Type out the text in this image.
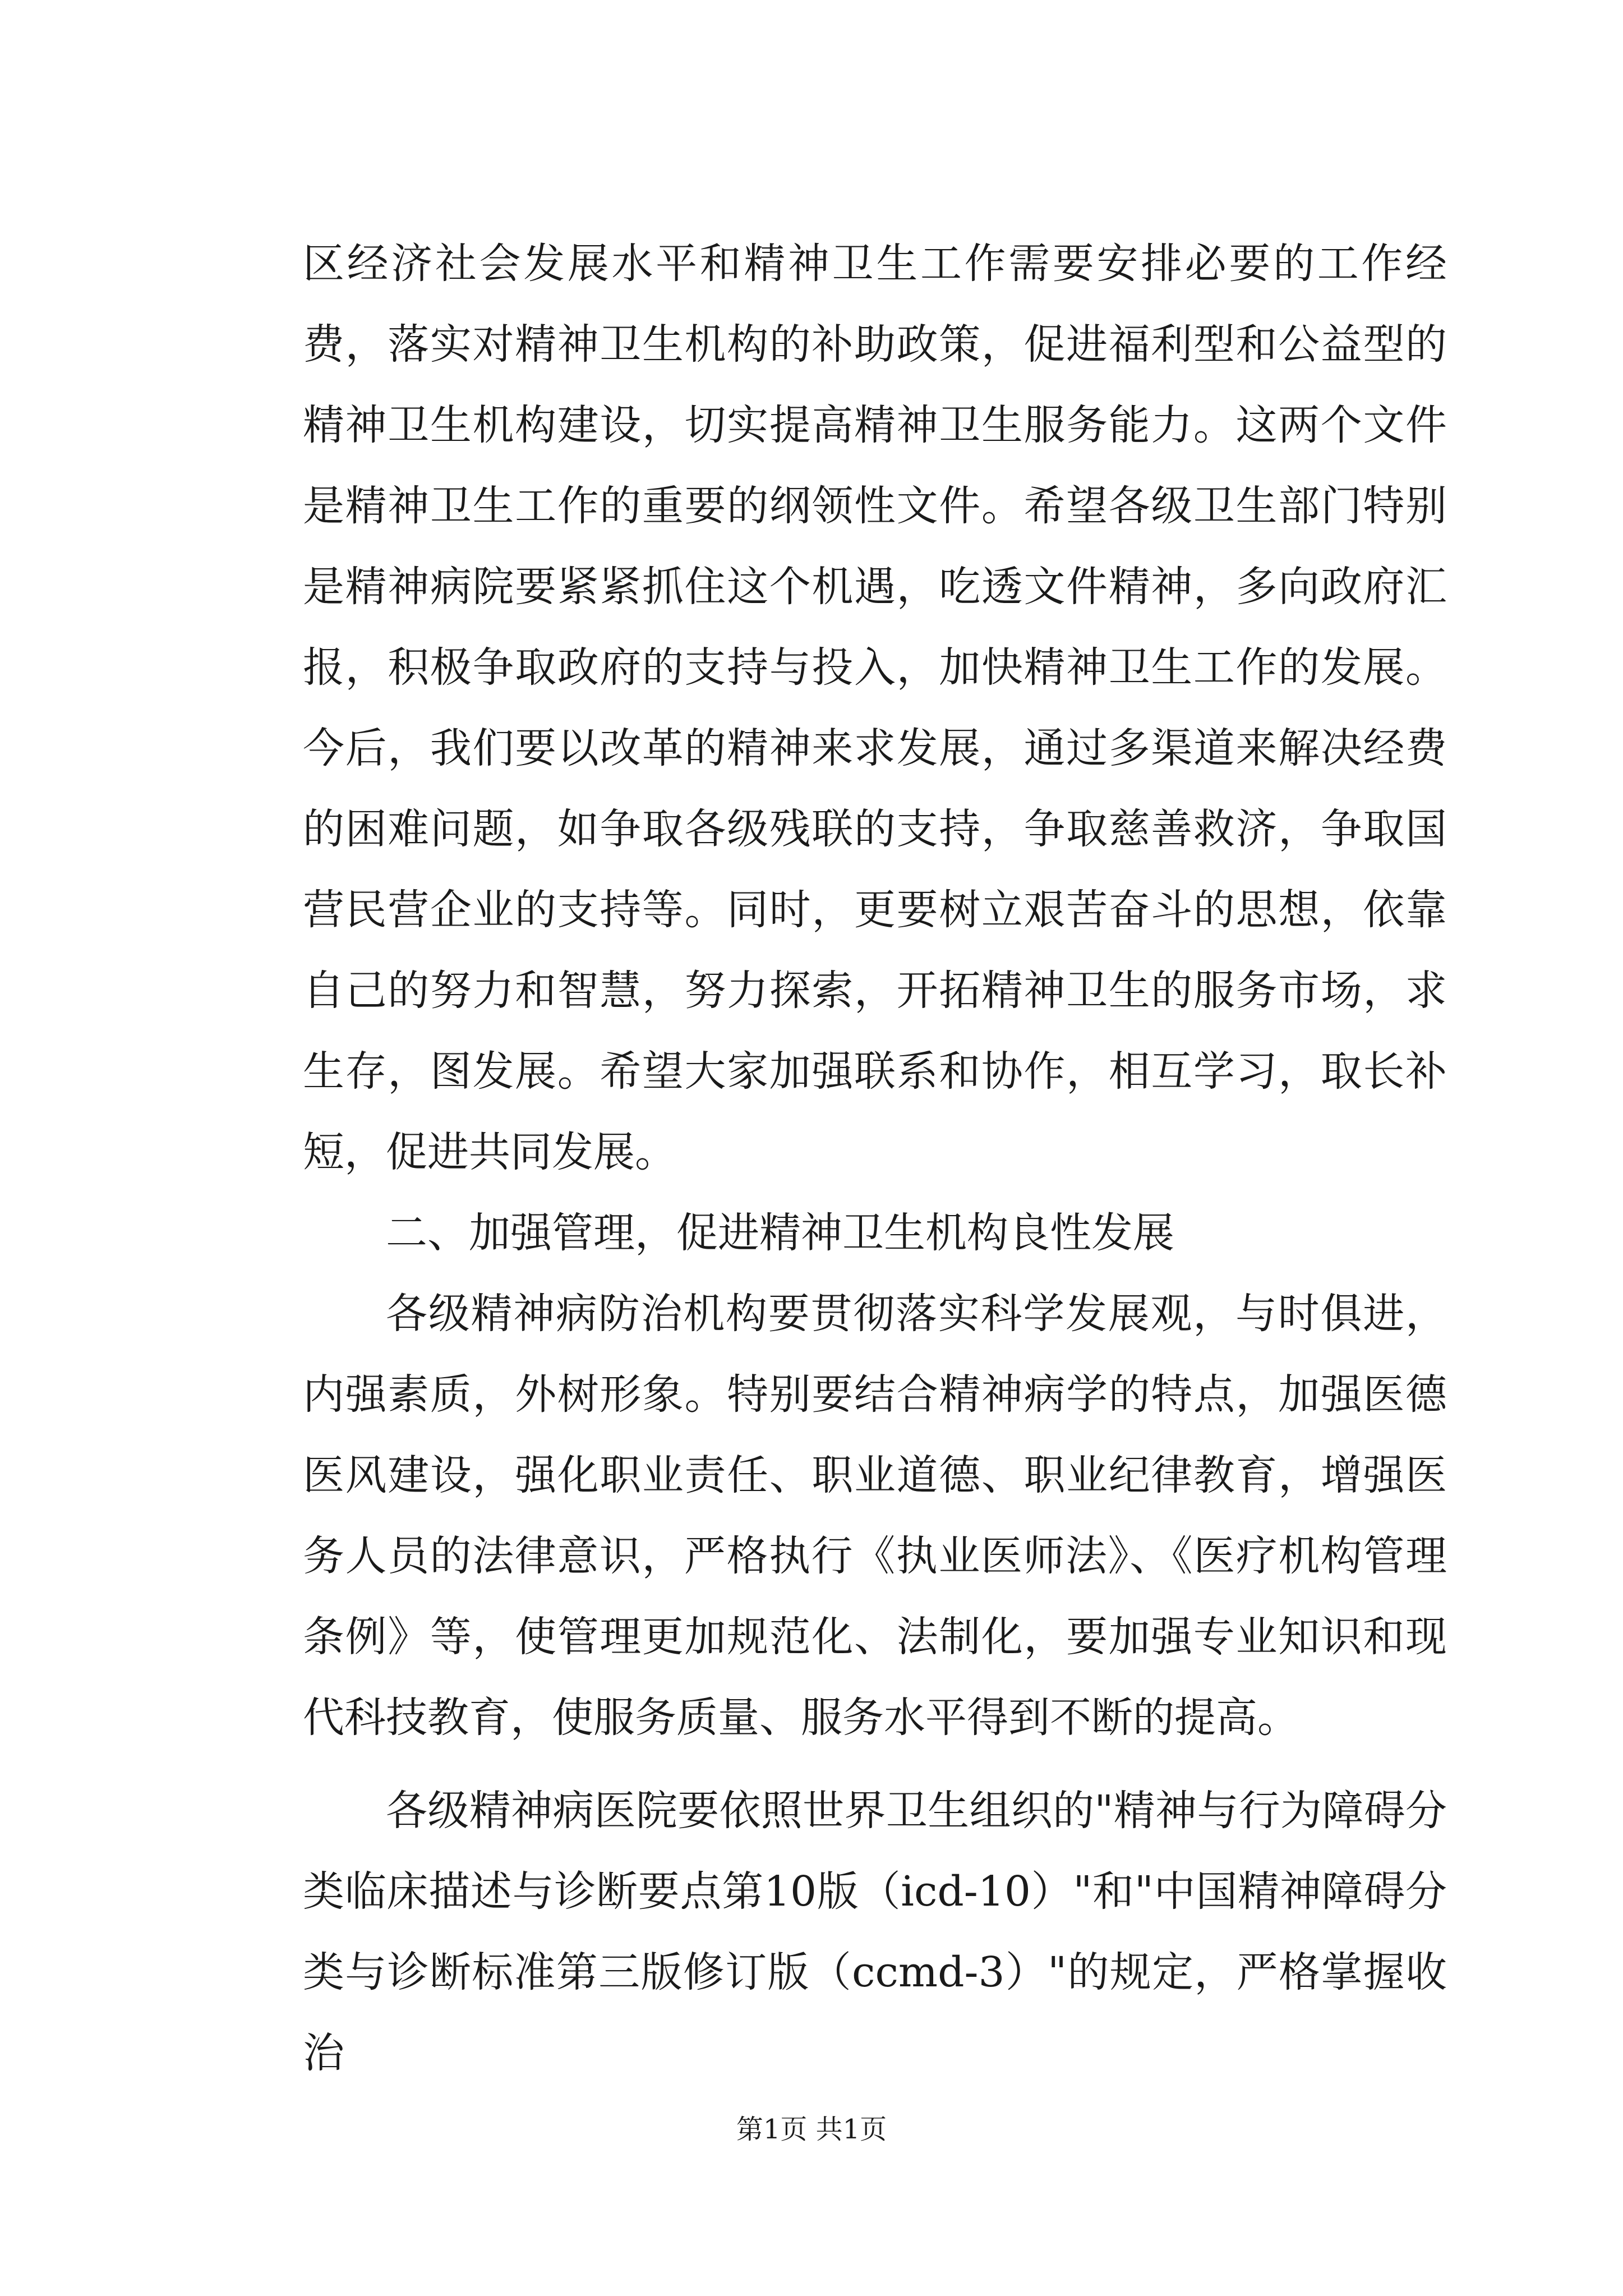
区经济社会发展水平和精神卫生工作需要安排必要的工作经费，落实对精神卫生机构的补助政策，促进福利型和公益型的精神卫生机构建设，切实提高精神卫生服务能力。这两个文件是精神卫生工作的重要的纲领性文件。希望各级卫生部门特别是精神病院要紧紧抓住这个机遇，吃透文件精神，多向政府汇报，积极争取政府的支持与投入，加快精神卫生工作的发展。今后，我们要以改革的精神来求发展，通过多渠道来解决经费的困难问题，如争取各级残联的支持，争取慈善救济，争取国营民营企业的支持等。同时，更要树立艰苦奋斗的思想，依靠自己的努力和智慧，努力探索，开拓精神卫生的服务市场，求生存，图发展。希望大家加强联系和协作，相互学习，取长补短，促进共同发展。

二、加强管理，促进精神卫生机构良性发展

各级精神病防治机构要贯彻落实科学发展观，与时俱进，内强素质，外树形象。特别要结合精神病学的特点，加强医德医风建设，强化职业责任、职业道德、职业纪律教育，增强医务人员的法律意识，严格执行《执业医师法》、《医疗机构管理条例》等，使管理更加规范化、法制化，要加强专业知识和现代科技教育，使服务质量、服务水平得到不断的提高。

各级精神病医院要依照世界卫生组织的"精神与行为障碍分类临床描述与诊断要点第10版（icd-10）"和"中国精神障碍分类与诊断标准第三版修订版（ccmd-3）"的规定，严格掌握收治

第1页 共1页
